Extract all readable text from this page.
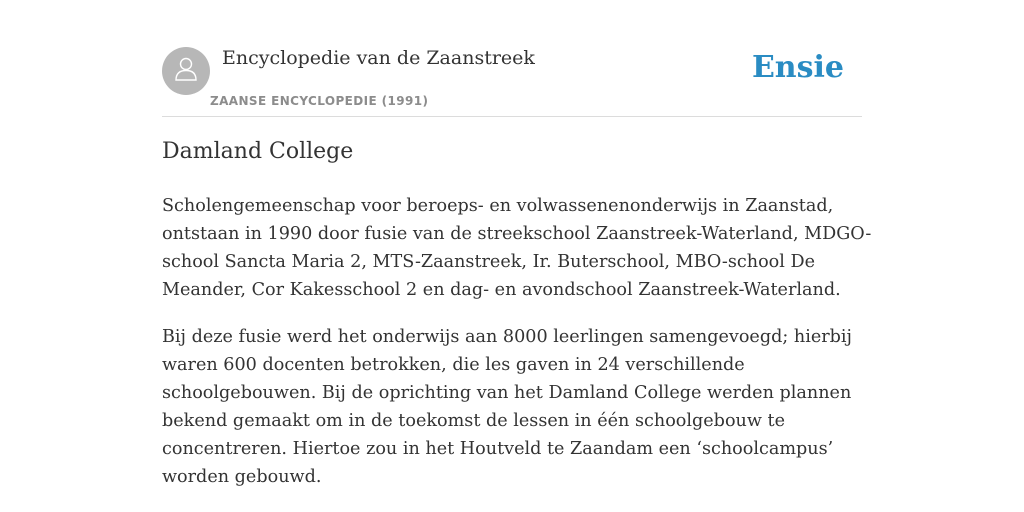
Encyclopedie van de Zaanstreek
ZAANSE ENCYCLOPEDIE (1991)
Ensie
Damland College

Scholengemeenschap voor beroeps- en volwassenenonderwijs in Zaanstad,
ontstaan in 1990 door fusie van de streekschool Zaanstreek-Waterland, MDGO-
school Sancta Maria 2, MTS-Zaanstreek, Ir. Buterschool, MBO-school De
Meander, Cor Kakesschool 2 en dag- en avondschool Zaanstreek-Waterland.

Bij deze fusie werd het onderwijs aan 8000 leerlingen samengevoegd; hierbij
waren 600 docenten betrokken, die les gaven in 24 verschillende
schoolgebouwen. Bij de oprichting van het Damland College werden plannen
bekend gemaakt om in de toekomst de lessen in één schoolgebouw te
concentreren. Hiertoe zou in het Houtveld te Zaandam een ‘schoolcampus’
worden gebouwd.
